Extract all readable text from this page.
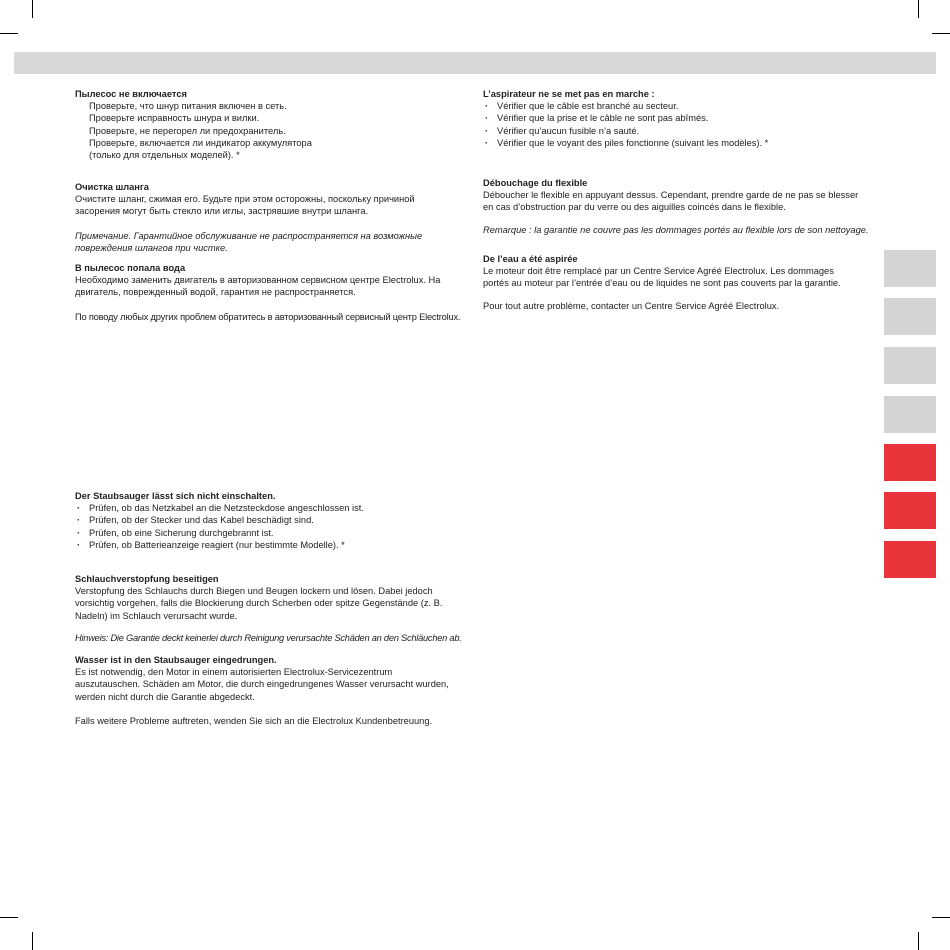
Пылесос не включается

Проверьте, что шнур питания включен в сеть.

Проверьте исправность шнура и вилки.

Проверьте, не перегорел ли предохранитель.

Проверьте, включается ли индикатор аккумулятора

(только для отдельных моделей). *

Очистка шланга

Очистите шланг, сжимая его. Будьте при этом осторожны, поскольку причиной

засорения могут быть стекло или иглы, застрявшие внутри шланга.

Примечание. Гарантийное обслуживание не распространяется на возможные

повреждения шлангов при чистке.

В пылесос попала вода

Необходимо заменить двигатель в авторизованном сервисном центре Electrolux. На

двигатель, поврежденный водой, гарантия не распространяется.

По поводу любых других проблем обратитесь в авторизованный сервисный центр Electrolux.

L’aspirateur ne se met pas en marche :

· Vérifier que le câble est branché au secteur.
· Vérifier que la prise et le câble ne sont pas abîmés.
· Vérifier qu’aucun fusible n’a sauté.
· Vérifier que le voyant des piles fonctionne (suivant les modèles). *

Débouchage du flexible

Déboucher le flexible en appuyant dessus. Cependant, prendre garde de ne pas se blesser

en cas d’obstruction par du verre ou des aiguilles coincés dans le flexible.

Remarque : la garantie ne couvre pas les dommages portés au flexible lors de son nettoyage.

De l’eau a été aspirée

Le moteur doit être remplacé par un Centre Service Agréé Electrolux. Les dommages

portés au moteur par l’entrée d’eau ou de liquides ne sont pas couverts par la garantie.

Pour tout autre problème, contacter un Centre Service Agréé Electrolux.

Der Staubsauger lässt sich nicht einschalten.

· Prüfen, ob das Netzkabel an die Netzsteckdose angeschlossen ist.
· Prüfen, ob der Stecker und das Kabel beschädigt sind.
· Prüfen, ob eine Sicherung durchgebrannt ist.
· Prüfen, ob Batterieanzeige reagiert (nur bestimmte Modelle). *

Schlauchverstopfung beseitigen

Verstopfung des Schlauchs durch Biegen und Beugen lockern und lösen. Dabei jedoch

vorsichtig vorgehen, falls die Blockierung durch Scherben oder spitze Gegenstände (z. B.

Nadeln) im Schlauch verursacht wurde.

Hinweis: Die Garantie deckt keinerlei durch Reinigung verursachte Schäden an den Schläuchen ab.

Wasser ist in den Staubsauger eingedrungen.

Es ist notwendig, den Motor in einem autorisierten Electrolux-Servicezentrum

auszutauschen. Schäden am Motor, die durch eingedrungenes Wasser verursacht wurden,

werden nicht durch die Garantie abgedeckt.

Falls weitere Probleme auftreten, wenden Sie sich an die Electrolux Kundenbetreuung.
